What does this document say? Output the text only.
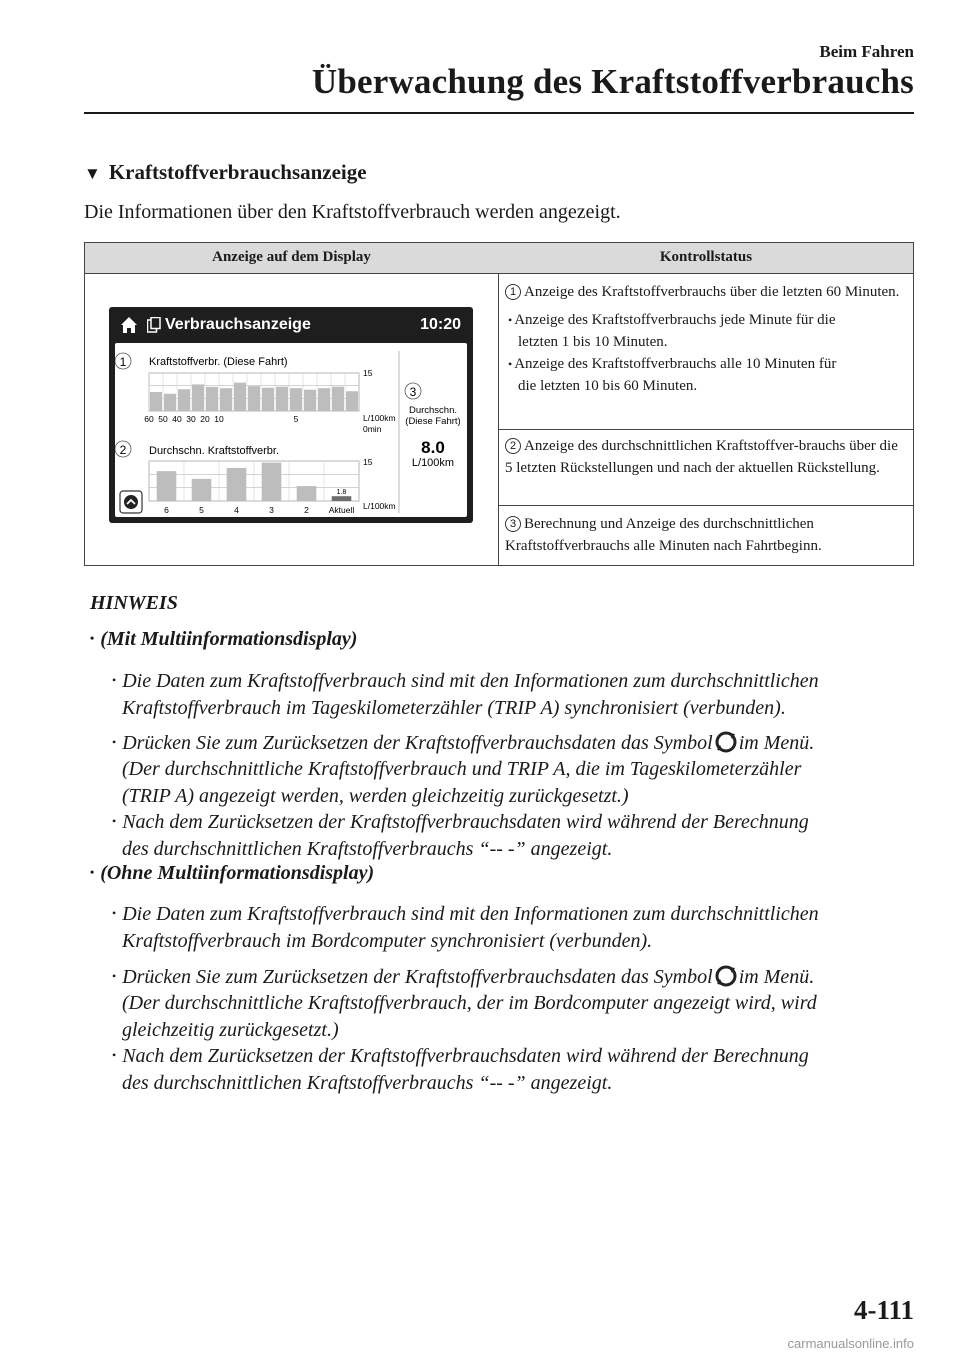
Beim Fahren
Überwachung des Kraftstoffverbrauchs
▼ Kraftstoffverbrauchsanzeige
Die Informationen über den Kraftstoffverbrauch werden angezeigt.
Anzeige auf dem Display	Kontrollstatus
Verbrauchsanzeige	10:20
60 50 40 30 20 10	5
6	5	4	3	2 Aktuell
1.8
1
2
3
Durchschn.
(Diese Fahrt)
8.0
L/100km
Kraftstoffverbr. (Diese Fahrt)
Durchschn. Kraftstoffverbr.
15
15
L/100km
0min
L/100km
1 Anzeige des Kraftstoffverbrauchs über die letzten 60 Minuten.
• Anzeige des Kraftstoffverbrauchs jede Minute für die
letzten 1 bis 10 Minuten.
• Anzeige des Kraftstoffverbrauchs alle 10 Minuten für
die letzten 10 bis 60 Minuten.
2 Anzeige des durchschnittlichen Kraftstoffver-brauchs über die 5 letzten Rückstellungen und nach der aktuellen Rückstellung.
3 Berechnung und Anzeige des durchschnittlichen Kraftstoffverbrauchs alle Minuten nach Fahrtbeginn.
HINWEIS
• (Mit Multiinformationsdisplay)
• Die Daten zum Kraftstoffverbrauch sind mit den Informationen zum durchschnittlichen
Kraftstoffverbrauch im Tageskilometerzähler (TRIP A) synchronisiert (verbunden).
• Drücken Sie zum Zurücksetzen der Kraftstoffverbrauchsdaten das Symbol im Menü.
(Der durchschnittliche Kraftstoffverbrauch und TRIP A, die im Tageskilometerzähler
(TRIP A) angezeigt werden, werden gleichzeitig zurückgesetzt.)
• Nach dem Zurücksetzen der Kraftstoffverbrauchsdaten wird während der Berechnung
des durchschnittlichen Kraftstoffverbrauchs “-- -” angezeigt.
• (Ohne Multiinformationsdisplay)
• Die Daten zum Kraftstoffverbrauch sind mit den Informationen zum durchschnittlichen
Kraftstoffverbrauch im Bordcomputer synchronisiert (verbunden).
• Drücken Sie zum Zurücksetzen der Kraftstoffverbrauchsdaten das Symbol im Menü.
(Der durchschnittliche Kraftstoffverbrauch, der im Bordcomputer angezeigt wird, wird
gleichzeitig zurückgesetzt.)
• Nach dem Zurücksetzen der Kraftstoffverbrauchsdaten wird während der Berechnung
des durchschnittlichen Kraftstoffverbrauchs “-- -” angezeigt.
4-111
carmanualsonline.info
